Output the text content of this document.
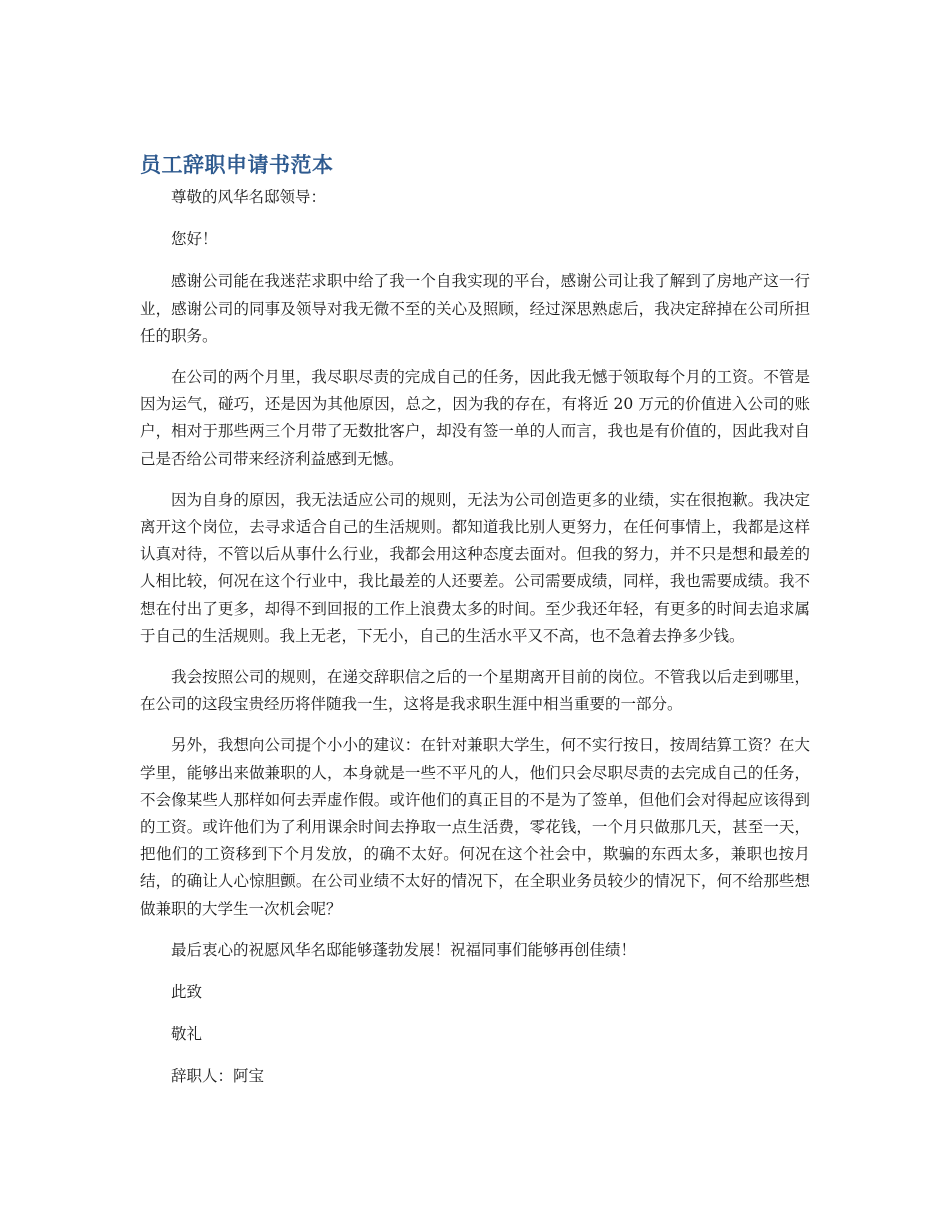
员工辞职申请书范本

尊敬的风华名邸领导：

您好！

感谢公司能在我迷茫求职中给了我一个自我实现的平台，感谢公司让我了解到了房地产这一行业，感谢公司的同事及领导对我无微不至的关心及照顾，经过深思熟虑后，我决定辞掉在公司所担任的职务。

在公司的两个月里，我尽职尽责的完成自己的任务，因此我无憾于领取每个月的工资。不管是因为运气，碰巧，还是因为其他原因，总之，因为我的存在，有将近 20 万元的价值进入公司的账户，相对于那些两三个月带了无数批客户，却没有签一单的人而言，我也是有价值的，因此我对自己是否给公司带来经济利益感到无憾。

因为自身的原因，我无法适应公司的规则，无法为公司创造更多的业绩，实在很抱歉。我决定离开这个岗位，去寻求适合自己的生活规则。都知道我比别人更努力，在任何事情上，我都是这样认真对待，不管以后从事什么行业，我都会用这种态度去面对。但我的努力，并不只是想和最差的人相比较，何况在这个行业中，我比最差的人还要差。公司需要成绩，同样，我也需要成绩。我不想在付出了更多，却得不到回报的工作上浪费太多的时间。至少我还年轻，有更多的时间去追求属于自己的生活规则。我上无老，下无小，自己的生活水平又不高，也不急着去挣多少钱。

我会按照公司的规则，在递交辞职信之后的一个星期离开目前的岗位。不管我以后走到哪里，在公司的这段宝贵经历将伴随我一生，这将是我求职生涯中相当重要的一部分。

另外，我想向公司提个小小的建议：在针对兼职大学生，何不实行按日，按周结算工资？在大学里，能够出来做兼职的人，本身就是一些不平凡的人，他们只会尽职尽责的去完成自己的任务，不会像某些人那样如何去弄虚作假。或许他们的真正目的不是为了签单，但他们会对得起应该得到的工资。或许他们为了利用课余时间去挣取一点生活费，零花钱，一个月只做那几天，甚至一天，把他们的工资移到下个月发放，的确不太好。何况在这个社会中，欺骗的东西太多，兼职也按月结，的确让人心惊胆颤。在公司业绩不太好的情况下，在全职业务员较少的情况下，何不给那些想做兼职的大学生一次机会呢？

最后衷心的祝愿风华名邸能够蓬勃发展！祝福同事们能够再创佳绩！

此致

敬礼

辞职人：阿宝
